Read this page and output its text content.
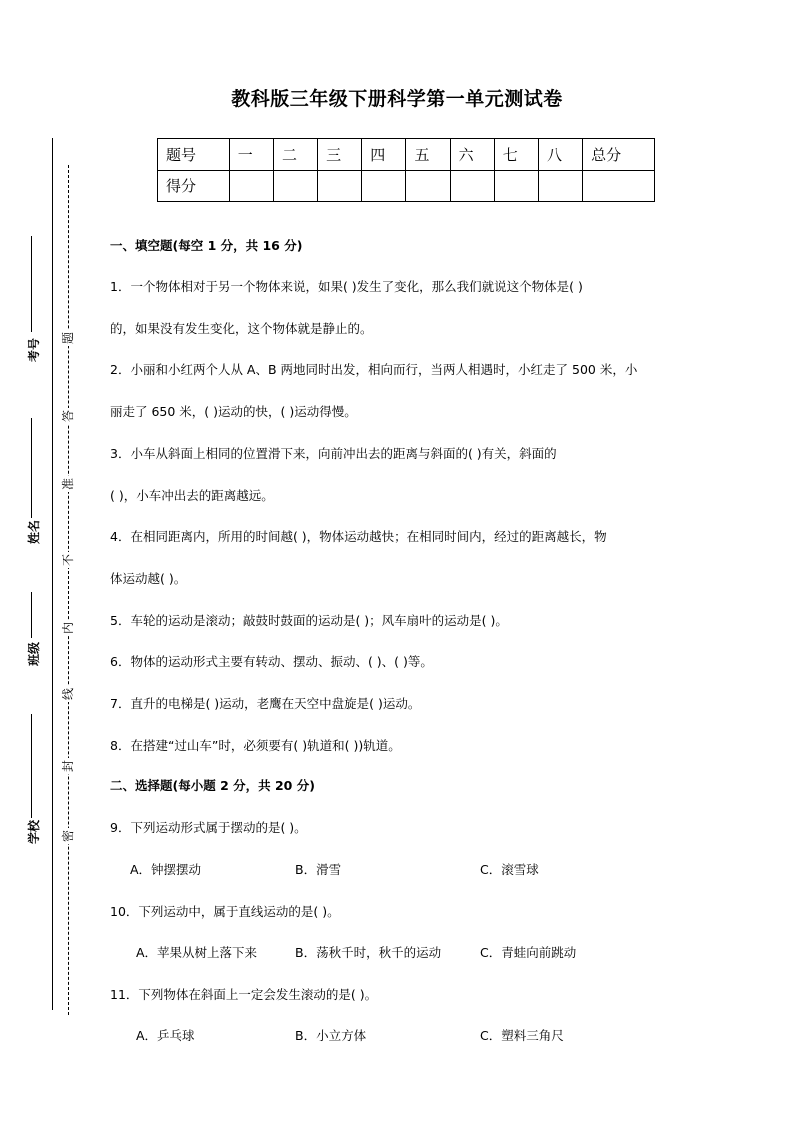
教科版三年级下册科学第一单元测试卷
题号	一	二	三	四	五	六	七	八	总分
得分									
题
答
准
不
内
线
封
密
考号
姓名
班级
学校
一、填空题(每空 1 分，共 16 分)
1．一个物体相对于另一个物体来说，如果( )发生了变化，那么我们就说这个物体是( )
的，如果没有发生变化，这个物体就是静止的。
2．小丽和小红两个人从 A、B 两地同时出发，相向而行，当两人相遇时，小红走了 500 米，小
丽走了 650 米，( )运动的快，( )运动得慢。
3．小车从斜面上相同的位置滑下来，向前冲出去的距离与斜面的( )有关，斜面的
( )，小车冲出去的距离越远。
4．在相同距离内，所用的时间越( )，物体运动越快；在相同时间内，经过的距离越长，物
体运动越( )。
5．车轮的运动是滚动；敲鼓时鼓面的运动是( )；风车扇叶的运动是( )。
6．物体的运动形式主要有转动、摆动、振动、( )、( )等。
7．直升的电梯是( )运动，老鹰在天空中盘旋是( )运动。
8．在搭建“过山车”时，必须要有( )轨道和( ))轨道。
二、选择题(每小题 2 分，共 20 分)
9．下列运动形式属于摆动的是( )。
A．钟摆摆动	B．滑雪	C．滚雪球
10．下列运动中，属于直线运动的是( )。
A．苹果从树上落下来	B．荡秋千时，秋千的运动	C．青蛙向前跳动
11．下列物体在斜面上一定会发生滚动的是( )。
A．乒乓球	B．小立方体	C．塑料三角尺
